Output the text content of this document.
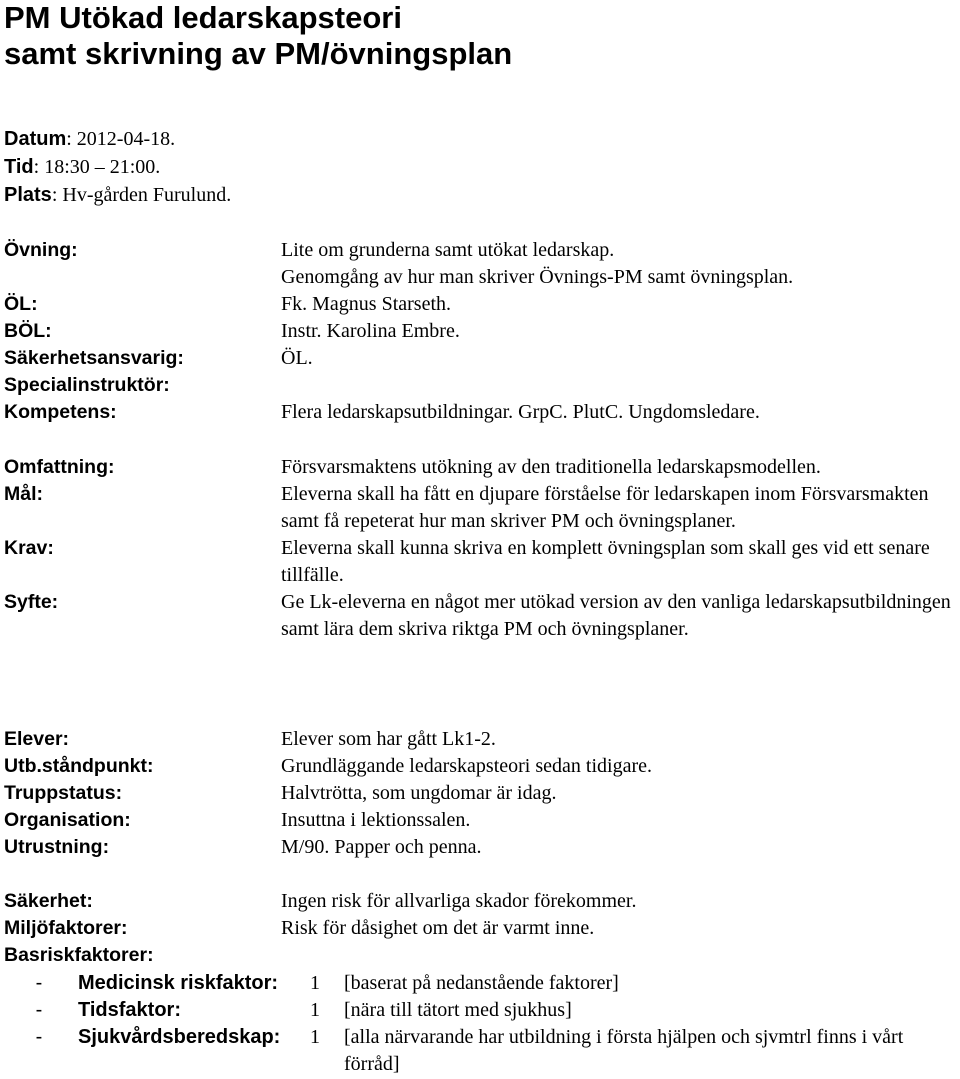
PM Utökad ledarskapsteori
samt skrivning av PM/övningsplan
Datum: 2012-04-18.
Tid: 18:30 – 21:00.
Plats: Hv-gården Furulund.
Övning:	Lite om grunderna samt utökat ledarskap.
Genomgång av hur man skriver Övnings-PM samt övningsplan.
ÖL:	Fk. Magnus Starseth.
BÖL:	Instr. Karolina Embre.
Säkerhetsansvarig:	ÖL.
Specialinstruktör:
Kompetens:	Flera ledarskapsutbildningar. GrpC. PlutC. Ungdomsledare.
Omfattning:	Försvarsmaktens utökning av den traditionella ledarskapsmodellen.
Mål:	Eleverna skall ha fått en djupare förståelse för ledarskapen inom Försvarsmakten samt få repeterat hur man skriver PM och övningsplaner.
Krav:	Eleverna skall kunna skriva en komplett övningsplan som skall ges vid ett senare tillfälle.
Syfte:	Ge Lk-eleverna en något mer utökad version av den vanliga ledarskapsutbildningen samt lära dem skriva riktga PM och övningsplaner.
Elever:	Elever som har gått Lk1-2.
Utb.ståndpunkt:	Grundläggande ledarskapsteori sedan tidigare.
Truppstatus:	Halvtrötta, som ungdomar är idag.
Organisation:	Insuttna i lektionssalen.
Utrustning:	M/90. Papper och penna.
Säkerhet:	Ingen risk för allvarliga skador förekommer.
Miljöfaktorer:	Risk för dåsighet om det är varmt inne.
Basriskfaktorer:
-	Medicinsk riskfaktor:	1	[baserat på nedanstående faktorer]
-	Tidsfaktor:	1	[nära till tätort med sjukhus]
-	Sjukvårdsberedskap:	1	[alla närvarande har utbildning i första hjälpen och sjvmtrl finns i vårt förråd]
